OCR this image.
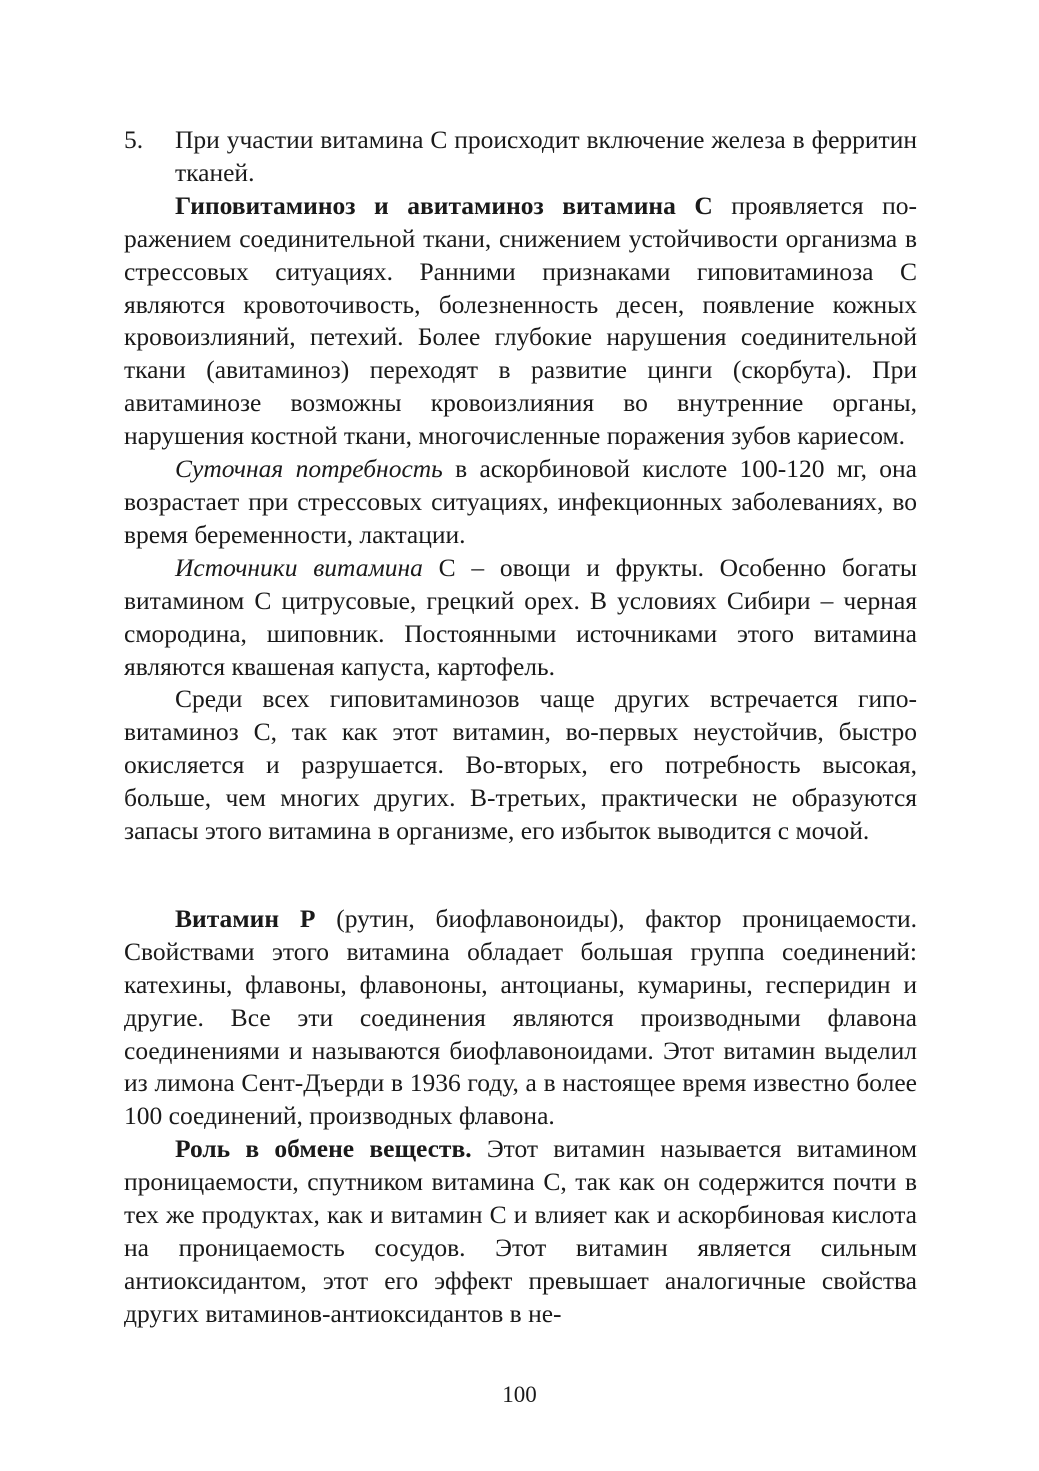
5. При участии витамина С происходит включение железа в ферритин тканей.

Гиповитаминоз и авитаминоз витамина С проявляется поражением соединительной ткани, снижением устойчивости организма в стрессовых ситуациях. Ранними признаками гиповитаминоза С являются кровоточивость, болезненность десен, появление кожных кровоизлияний, петехий. Более глубокие нарушения соединительной ткани (авитаминоз) переходят в развитие цинги (скорбута). При авитаминозе возможны кровоизлияния во внутренние органы, нарушения костной ткани, многочисленные поражения зубов кариесом.

Суточная потребность в аскорбиновой кислоте 100-120 мг, она возрастает при стрессовых ситуациях, инфекционных заболеваниях, во время беременности, лактации.

Источники витамина С – овощи и фрукты. Особенно богаты витамином С цитрусовые, грецкий орех. В условиях Сибири – черная смородина, шиповник. Постоянными источниками этого витамина являются квашеная капуста, картофель.

Среди всех гиповитаминозов чаще других встречается гиповитаминоз С, так как этот витамин, во-первых неустойчив, быстро окисляется и разрушается. Во-вторых, его потребность высокая, больше, чем многих других. В-третьих, практически не образуются запасы этого витамина в организме, его избыток выводится с мочой.

Витамин Р (рутин, биофлавоноиды), фактор проницаемости. Свойствами этого витамина обладает большая группа соединений: катехины, флавоны, флавононы, антоцианы, кумарины, гесперидин и другие. Все эти соединения являются производными флавона соединениями и называются биофлавоноидами. Этот витамин выделил из лимона Сент-Дъерди в 1936 году, а в настоящее время известно более 100 соединений, производных флавона.

Роль в обмене веществ. Этот витамин называется витамином проницаемости, спутником витамина С, так как он содержится почти в тех же продуктах, как и витамин С и влияет как и аскорбиновая кислота на проницаемость сосудов. Этот витамин является сильным антиоксидантом, этот его эффект превышает аналогичные свойства других витаминов-антиоксидантов в не-

100
